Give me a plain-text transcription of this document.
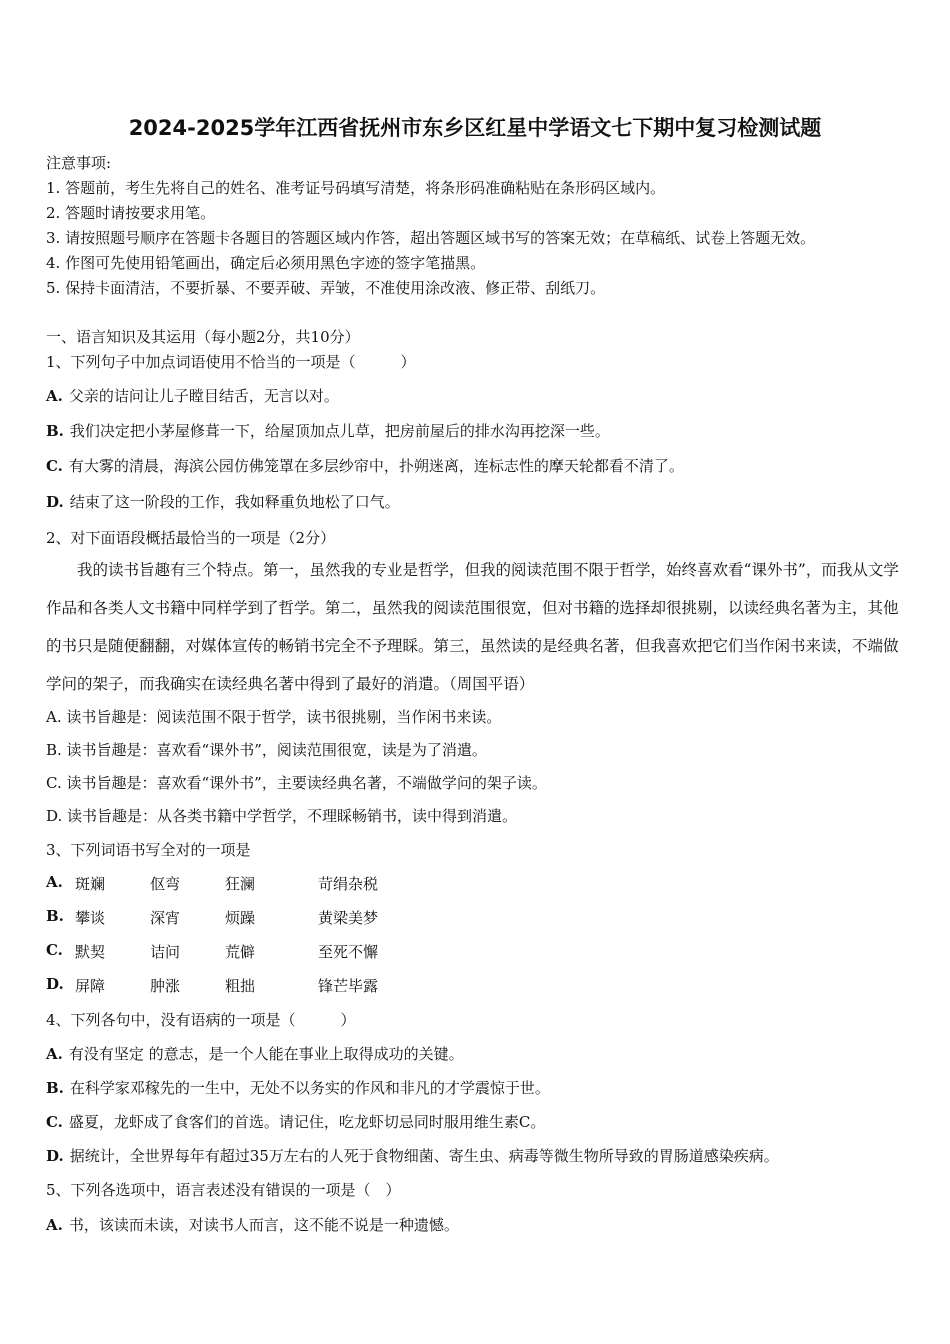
2024-2025学年江西省抚州市东乡区红星中学语文七下期中复习检测试题
注意事项:
1. 答题前，考生先将自己的姓名、准考证号码填写清楚，将条形码准确粘贴在条形码区域内。
2. 答题时请按要求用笔。
3. 请按照题号顺序在答题卡各题目的答题区域内作答，超出答题区域书写的答案无效；在草稿纸、试卷上答题无效。
4. 作图可先使用铅笔画出，确定后必须用黑色字迹的签字笔描黑。
5. 保持卡面清洁，不要折暴、不要弄破、弄皱，不准使用涂改液、修正带、刮纸刀。
一、语言知识及其运用（每小题2分，共10分）
1、下列句子中加点词语使用不恰当的一项是（　　　）
A. 父亲的诘问让儿子瞠目结舌，无言以对。
B. 我们决定把小茅屋修葺一下，给屋顶加点儿草，把房前屋后的排水沟再挖深一些。
C. 有大雾的清晨，海滨公园仿佛笼罩在多层纱帘中，扑朔迷离，连标志性的摩天轮都看不清了。
D. 结束了这一阶段的工作，我如释重负地松了口气。
2、对下面语段概括最恰当的一项是（2分）
我的读书旨趣有三个特点。第一，虽然我的专业是哲学，但我的阅读范围不限于哲学，始终喜欢看“课外书”，而我从文学作品和各类人文书籍中同样学到了哲学。第二，虽然我的阅读范围很宽，但对书籍的选择却很挑剔，以读经典名著为主，其他的书只是随便翻翻，对媒体宣传的畅销书完全不予理睬。第三，虽然读的是经典名著，但我喜欢把它们当作闲书来读，不端做学问的架子，而我确实在读经典名著中得到了最好的消遣。（周国平语）
A. 读书旨趣是：阅读范围不限于哲学，读书很挑剔，当作闲书来读。
B. 读书旨趣是：喜欢看“课外书”，阅读范围很宽，读是为了消遣。
C. 读书旨趣是：喜欢看“课外书”，主要读经典名著，不端做学问的架子读。
D. 读书旨趣是：从各类书籍中学哲学，不理睬畅销书，读中得到消遣。
3、下列词语书写全对的一项是
A. 斑斓	伛弯	狂澜	苛绢杂税
B. 攀谈	深宵	烦躁	黄梁美梦
C. 默契	诘问	荒僻	至死不懈
D. 屏障	肿涨	粗拙	锋芒毕露
4、下列各句中，没有语病的一项是（　　　）
A. 有没有坚定 的意志，是一个人能在事业上取得成功的关键。
B. 在科学家邓稼先的一生中，无处不以务实的作风和非凡的才学震惊于世。
C. 盛夏，龙虾成了食客们的首选。请记住，吃龙虾切忌同时服用维生素C。
D. 据统计，全世界每年有超过35万左右的人死于食物细菌、寄生虫、病毒等微生物所导致的胃肠道感染疾病。
5、下列各选项中，语言表述没有错误的一项是（　）
A. 书，该读而未读，对读书人而言，这不能不说是一种遗憾。
